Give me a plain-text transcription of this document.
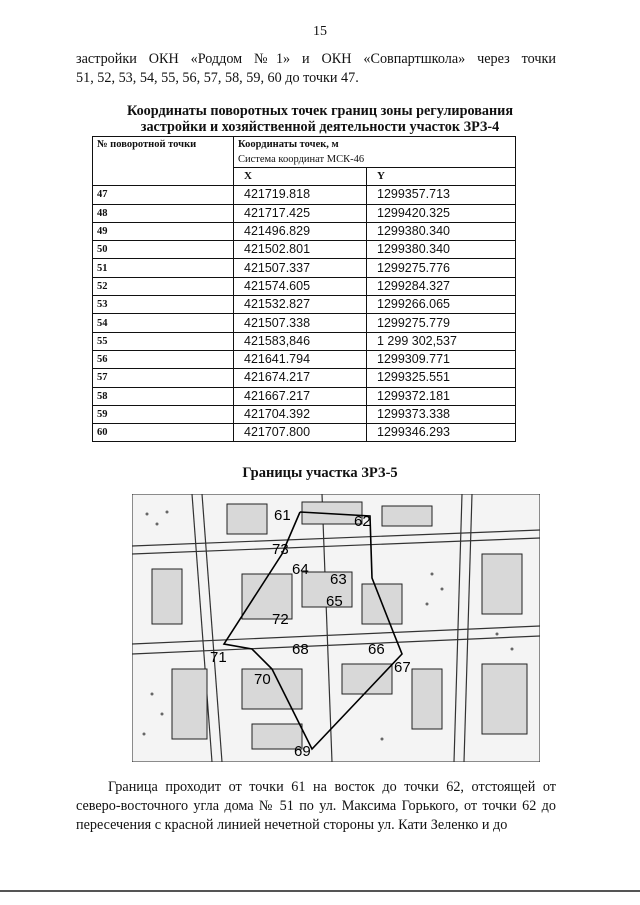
15
застройки ОКН «Роддом №1» и ОКН «Совпартшкола» через точки
51, 52, 53, 54, 55, 56, 57, 58, 59, 60 до точки 47.
Координаты поворотных точек границ зоны регулирования
застройки и хозяйственной деятельности участок ЗРЗ-4
№ поворотной точки	Координаты точек, м
Система координат МСК-46	
	X	Y
47	421719.818	1299357.713
48	421717.425	1299420.325
49	421496.829	1299380.340
50	421502.801	1299380.340
51	421507.337	1299275.776
52	421574.605	1299284.327
53	421532.827	1299266.065
54	421507.338	1299275.779
55	421583,846	1 299 302,537
56	421641.794	1299309.771
57	421674.217	1299325.551
58	421667.217	1299372.181
59	421704.392	1299373.338
60	421707.800	1299346.293
Границы участка ЗРЗ-5
61	62
63
64
65
66
67
68
69
70
71
72
73
Граница проходит от точки 61 на восток до точки 62, отстоящей от северо-восточного угла дома № 51 по ул. Максима Горького, от точки 62 до пересечения с красной линией нечетной стороны ул. Кати Зеленко и до
